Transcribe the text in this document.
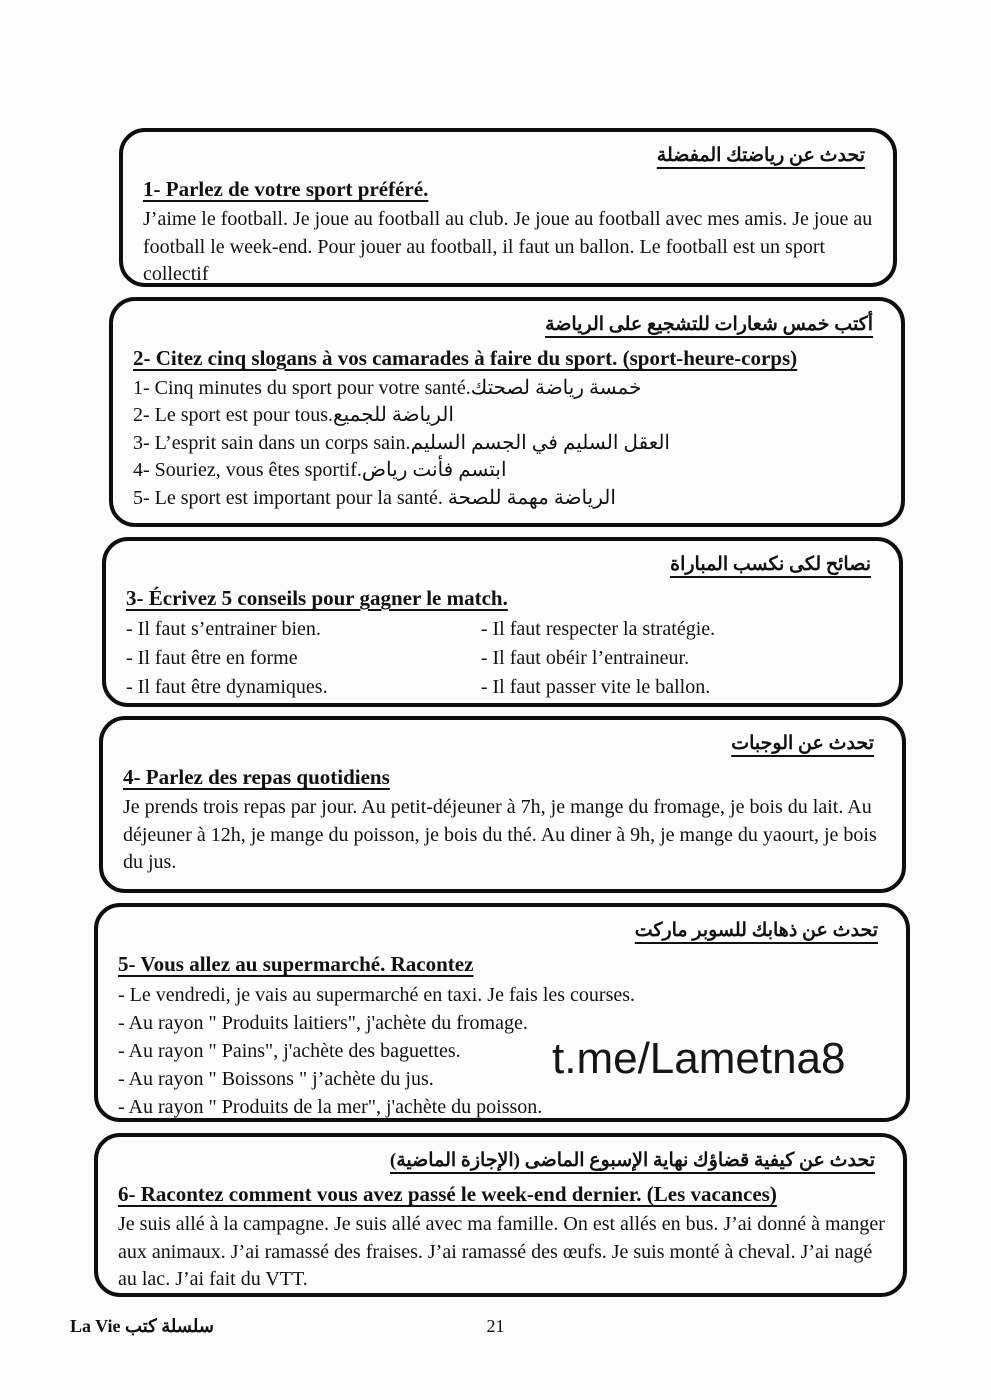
تحدث عن رياضتك المفضلة
1- Parlez de votre sport préféré.
J’aime le football. Je joue au football au club. Je joue au football avec mes amis. Je joue au football le week-end. Pour jouer au football, il faut un ballon. Le football est un sport collectif
أكتب خمس شعارات للتشجيع على الرياضة
2- Citez cinq slogans à vos camarades à faire du sport. (sport-heure-corps)
1- Cinq minutes du sport pour votre santé.خمسة رياضة لصحتك
2- Le sport est pour tous.الرياضة للجميع
3- L’esprit sain dans un corps sain.العقل السليم في الجسم السليم
4- Souriez, vous êtes sportif.ابتسم فأنت رياض
5- Le sport est important pour la santé. الرياضة مهمة للصحة
نصائح لكى نكسب المباراة
3- Écrivez 5 conseils pour gagner le match.
- Il faut s’entrainer bien.
- Il faut être en forme
- Il faut être dynamiques.
- Il faut respecter la stratégie.
- Il faut obéir l’entraineur.
- Il faut passer vite le ballon.
تحدث عن الوجبات
4- Parlez des repas quotidiens
Je prends trois repas par jour. Au petit-déjeuner à 7h, je mange du fromage, je bois du lait. Au déjeuner à 12h, je mange du poisson, je bois du thé. Au diner à 9h, je mange du yaourt, je bois du jus.
تحدث عن ذهابك للسوبر ماركت
5- Vous allez au supermarché. Racontez
- Le vendredi, je vais au supermarché en taxi. Je fais les courses.
- Au rayon " Produits laitiers", j'achète du fromage.
- Au rayon " Pains", j'achète des baguettes.
- Au rayon " Boissons " j’achète du jus.
- Au rayon " Produits de la mer", j'achète du poisson.
تحدث عن كيفية قضاؤك نهاية الإسبوع الماضى (الإجازة الماضية)
6- Racontez comment vous avez passé le week-end dernier. (Les vacances)
Je suis allé à la campagne. Je suis allé avec ma famille. On est allés en bus. J’ai donné à manger aux animaux. J’ai ramassé des fraises. J’ai ramassé des œufs. Je suis monté à cheval. J’ai nagé au lac. J’ai fait du VTT.
t.me/Lametna8
La Vie سلسلة كتب	21
